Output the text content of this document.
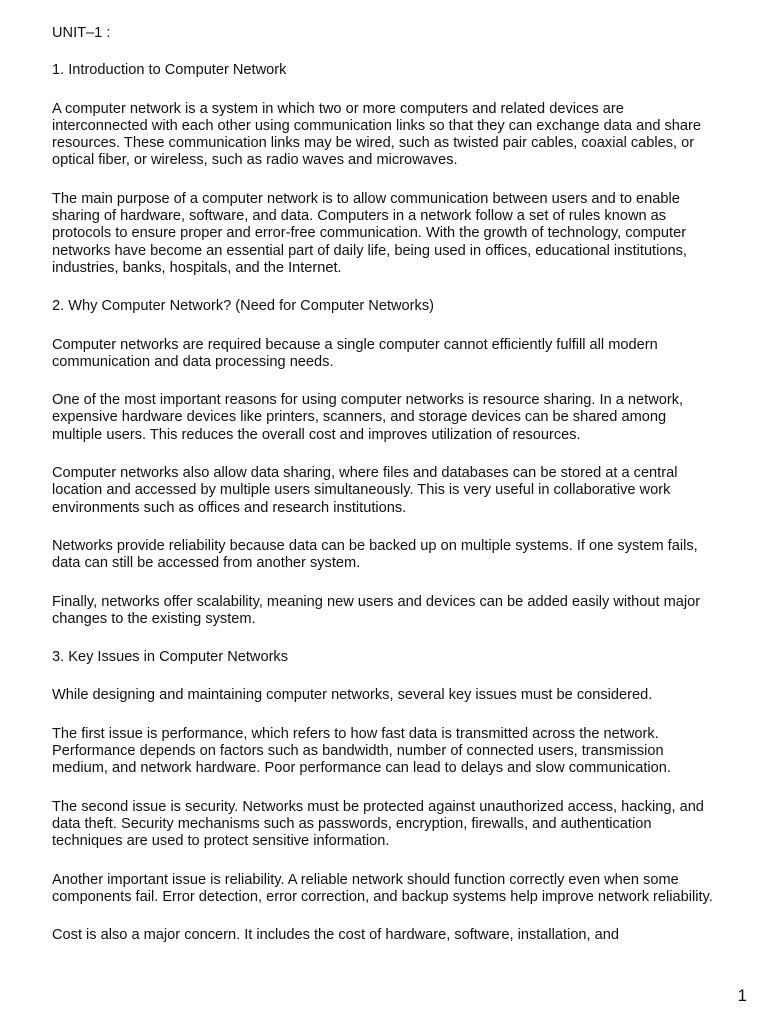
UNIT–1 :

1. Introduction to Computer Network

A computer network is a system in which two or more computers and related devices are interconnected with each other using communication links so that they can exchange data and share resources. These communication links may be wired, such as twisted pair cables, coaxial cables, or optical fiber, or wireless, such as radio waves and microwaves.

The main purpose of a computer network is to allow communication between users and to enable sharing of hardware, software, and data. Computers in a network follow a set of rules known as protocols to ensure proper and error-free communication. With the growth of technology, computer networks have become an essential part of daily life, being used in offices, educational institutions, industries, banks, hospitals, and the Internet.

2. Why Computer Network? (Need for Computer Networks)

Computer networks are required because a single computer cannot efficiently fulfill all modern communication and data processing needs.

One of the most important reasons for using computer networks is resource sharing. In a network, expensive hardware devices like printers, scanners, and storage devices can be shared among multiple users. This reduces the overall cost and improves utilization of resources.

Computer networks also allow data sharing, where files and databases can be stored at a central location and accessed by multiple users simultaneously. This is very useful in collaborative work environments such as offices and research institutions.

Networks provide reliability because data can be backed up on multiple systems. If one system fails, data can still be accessed from another system.

Finally, networks offer scalability, meaning new users and devices can be added easily without major changes to the existing system.

3. Key Issues in Computer Networks

While designing and maintaining computer networks, several key issues must be considered.

The first issue is performance, which refers to how fast data is transmitted across the network. Performance depends on factors such as bandwidth, number of connected users, transmission medium, and network hardware. Poor performance can lead to delays and slow communication.

The second issue is security. Networks must be protected against unauthorized access, hacking, and data theft. Security mechanisms such as passwords, encryption, firewalls, and authentication techniques are used to protect sensitive information.

Another important issue is reliability. A reliable network should function correctly even when some components fail. Error detection, error correction, and backup systems help improve network reliability.

Cost is also a major concern. It includes the cost of hardware, software, installation, and

1
